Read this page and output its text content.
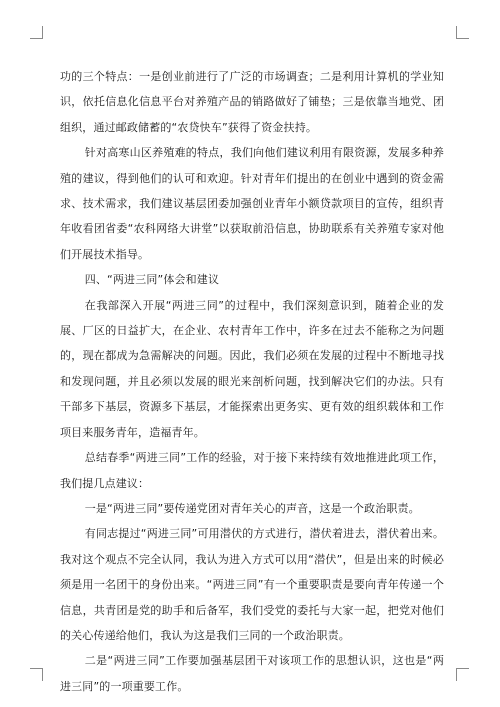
功的三个特点：一是创业前进行了广泛的市场调查；二是利用计算机的学业知识，依托信息化信息平台对养殖产品的销路做好了铺垫；三是依靠当地党、团组织，通过邮政储蓄的“农贷快车”获得了资金扶持。

针对高寒山区养殖难的特点，我们向他们建议利用有限资源，发展多种养殖的建议，得到他们的认可和欢迎。针对青年们提出的在创业中遇到的资金需求、技术需求，我们建议基层团委加强创业青年小额贷款项目的宣传，组织青年收看团省委“农科网络大讲堂”以获取前沿信息，协助联系有关养殖专家对他们开展技术指导。

四、“两进三同”体会和建议

在我部深入开展“两进三同”的过程中，我们深刻意识到，随着企业的发展、厂区的日益扩大，在企业、农村青年工作中，许多在过去不能称之为问题的，现在都成为急需解决的问题。因此，我们必须在发展的过程中不断地寻找和发现问题，并且必须以发展的眼光来剖析问题，找到解决它们的办法。只有干部多下基层，资源多下基层，才能探索出更务实、更有效的组织载体和工作项目来服务青年，造福青年。

总结春季“两进三同”工作的经验，对于接下来持续有效地推进此项工作，我们提几点建议：

一是“两进三同”要传递党团对青年关心的声音，这是一个政治职责。

有同志提过“两进三同”可用潜伏的方式进行，潜伏着进去，潜伏着出来。我对这个观点不完全认同，我认为进入方式可以用“潜伏”，但是出来的时候必须是用一名团干的身份出来。“两进三同”有一个重要职责是要向青年传递一个信息，共青团是党的助手和后备军，我们受党的委托与大家一起，把党对他们的关心传递给他们，我认为这是我们三同的一个政治职责。

二是“两进三同”工作要加强基层团干对该项工作的思想认识，这也是“两进三同”的一项重要工作。
